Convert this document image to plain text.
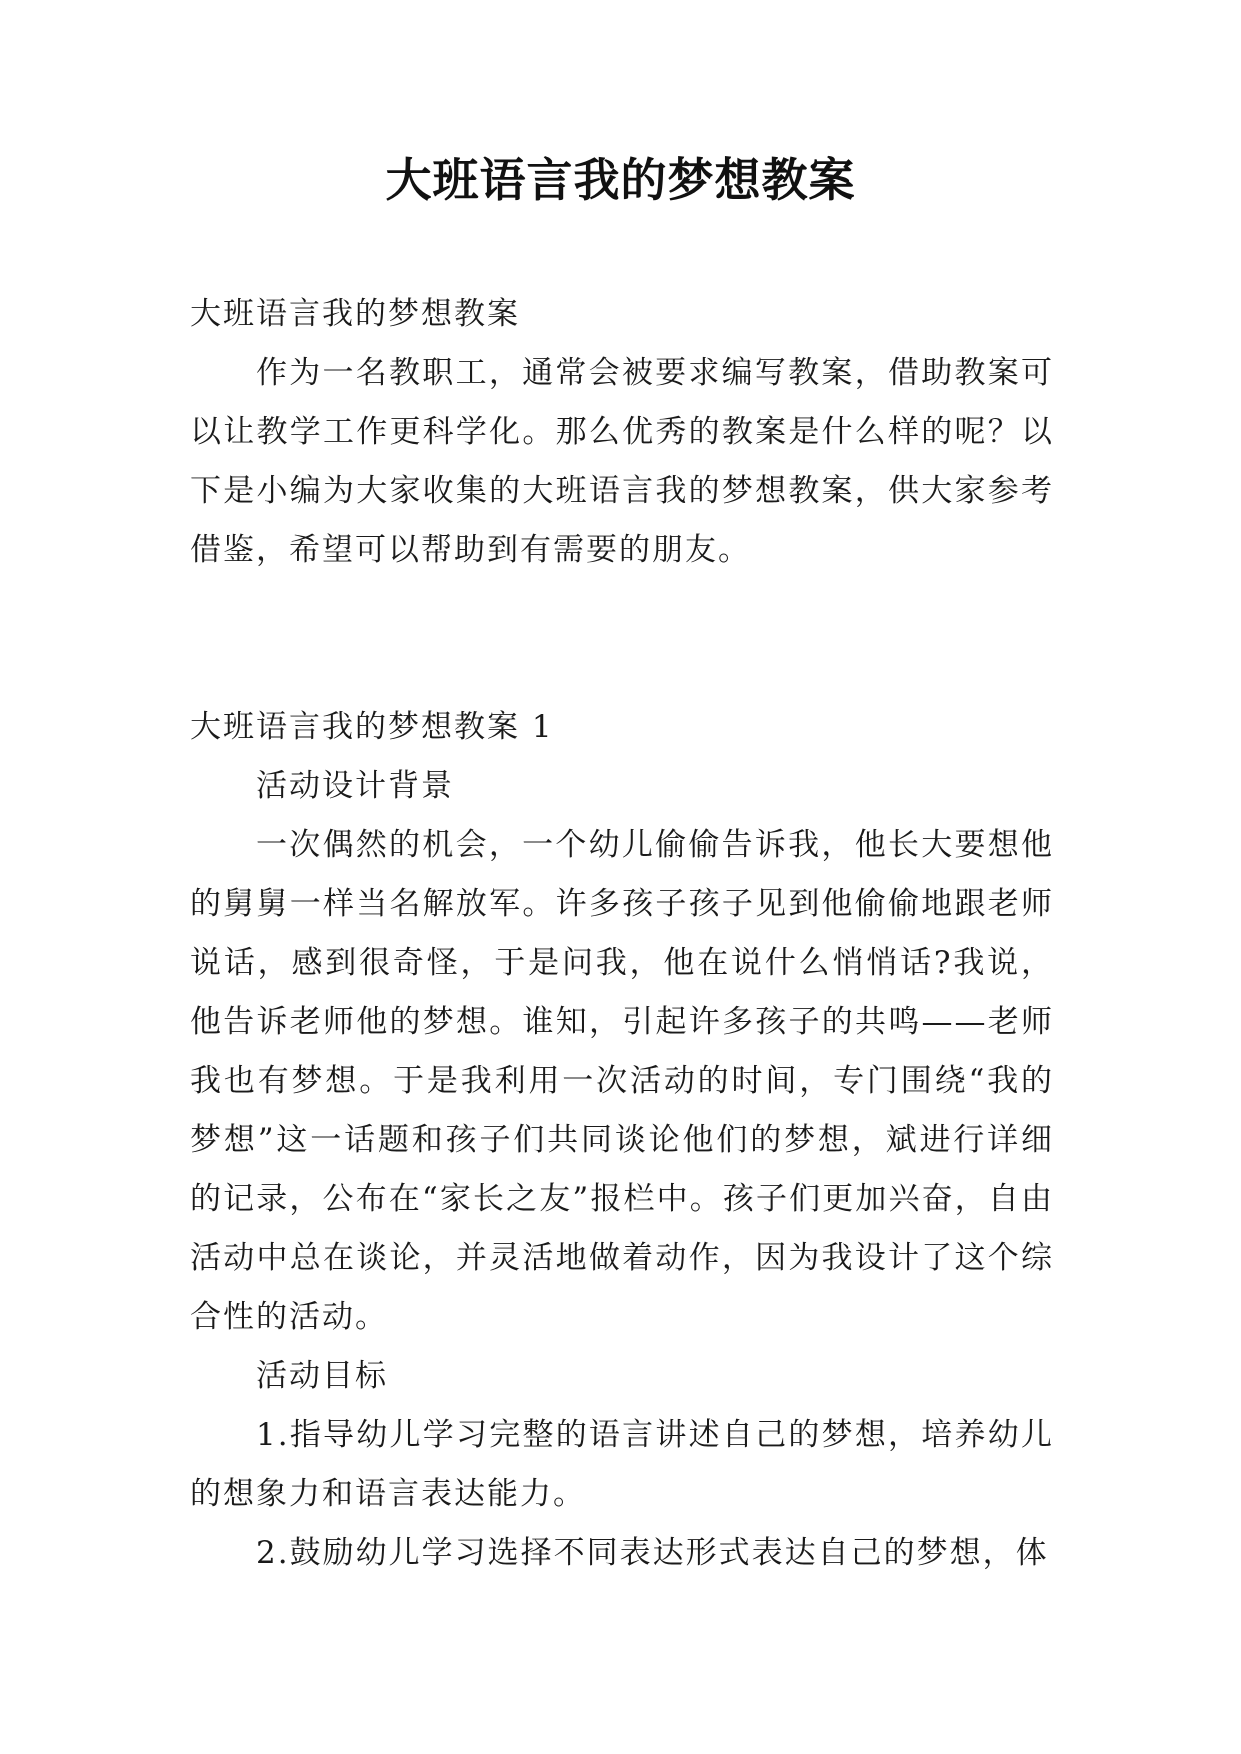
大班语言我的梦想教案

大班语言我的梦想教案

作为一名教职工，通常会被要求编写教案，借助教案可以让教学工作更科学化。那么优秀的教案是什么样的呢？以下是小编为大家收集的大班语言我的梦想教案，供大家参考借鉴，希望可以帮助到有需要的朋友。

大班语言我的梦想教案 1

活动设计背景

一次偶然的机会，一个幼儿偷偷告诉我，他长大要想他的舅舅一样当名解放军。许多孩子孩子见到他偷偷地跟老师说话，感到很奇怪，于是问我，他在说什么悄悄话?我说，他告诉老师他的梦想。谁知，引起许多孩子的共鸣——老师我也有梦想。于是我利用一次活动的时间，专门围绕“我的梦想”这一话题和孩子们共同谈论他们的梦想，斌进行详细的记录，公布在“家长之友”报栏中。孩子们更加兴奋，自由活动中总在谈论，并灵活地做着动作，因为我设计了这个综合性的活动。

活动目标

1.指导幼儿学习完整的语言讲述自己的梦想，培养幼儿的想象力和语言表达能力。

2.鼓励幼儿学习选择不同表达形式表达自己的梦想，体
